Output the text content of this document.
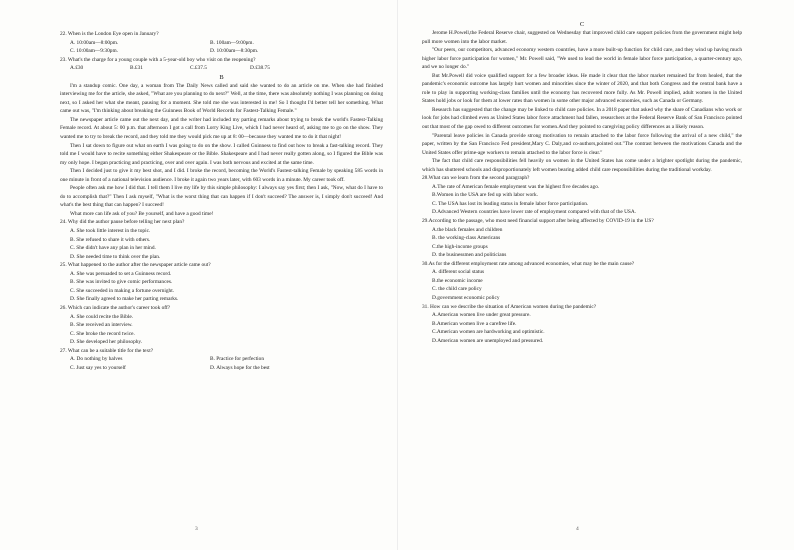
22. When is the London Eye open in January?

A. 10:00am—8:00pm.	B. 100am—9:00pm.
C. 10:00am—9:30pm.	D. 10:00am—8:30pm.

23. What's the charge for a young couple with a 5-year-old boy who visit on the reopening?

A.£30	B.£31	C.£37.5	D.£38.75

B

I'm a standup comic. One day, a woman from The Daily News called and said she wanted to do an article on me. When she had finished interviewing me for the article, she asked, "What are you planning to do next?" Well, at the time, there was absolutely nothing I was planning on doing next, so I asked her what she meant, pausing for a moment. She told me she was interested in me! So I thought I'd better tell her something. What came out was, "I'm thinking about breaking the Guinness Book of World Records for Fastest-Talking Female."

The newspaper article came out the next day, and the writer had included my parting remarks about trying to break the world's Fastest-Talking Female record. At about 5: 00 p.m. that afternoon I got a call from Lorry King Live, which I had never heard of, asking me to go on the show. They wanted me to try to break the record, and they told me they would pick me up at 8: 00—because they wanted me to do it that night!

Then I sat down to figure out what on earth I was going to do on the show. I called Guinness to find out how to break a fast-talking record. They told me I would have to recite something either Shakespeare or the Bible. Shakespeare and I had never really gotten along, so I figured the Bible was my only hope. I began practicing and practicing, over and over again. I was both nervous and excited at the same time.

Then I decided just to give it my best shot, and I did. I broke the record, becoming the World's Fastest-talking Female by speaking 585 words in one minute in front of a national television audience. I broke it again two years later, with 603 words in a minute. My career took off.

People often ask me how I did that. I tell them I live my life by this simple philosophy: I always say yes first; then I ask, "Now, what do I have to do to accomplish that?" Then I ask myself, "What is the worst thing that can happen if I don't succeed? The answer is, I simply don't succeed! And what's the best thing that can happen? I succeed!

What more can life ask of you? Be yourself, and have a good time!

24. Why did the author pause before telling her next plan?

A. She took little interest in the topic.

B. She refused to share it with others.

C. She didn't have any plan in her mind.

D. She needed time to think over the plan.

25. What happened to the author after the newspaper article came out?

A. She was persuaded to set a Guinness record.

B. She was invited to give comic performances.

C. She succeeded in making a fortune overnight.

D. She finally agreed to make her parting remarks.

26. Which can indicate the author's career took off?

A. She could recite the Bible.

B. She received an interview.

C. She broke the record twice.

D. She developed her philosophy.

27. What can be a suitable title for the text?

A. Do nothing by halves	B. Practice for perfection
C. Just say yes to yourself	D. Always hope for the best
3

C

Jerome H.Powell,the Federal Reserve chair, suggested on Wednesday that improved child care support policies from the government might help pull more women into the labor market.

"Our peers, our competitors, advanced economy western countries, have a more built-up function for child care, and they wind up having much higher labor force participation for women," Mr. Powell said, "We used to lead the world in female labor force participation, a quarter-century ago, and we no longer do."

But Mr.Powell did voice qualified support for a few broader ideas. He made it clear that the labor market remained far from healed, that the pandemic's economic outcome has largely hurt women and minorities since the winter of 2020, and that both Congress and the central bank have a role to play in supporting working-class families until the economy has recovered more fully. As Mr. Powell implied, adult women in the United States hold jobs or look for them at lower rates than women in some other major advanced economies, such as Canada or Germany.

Research has suggested that the change may be linked to child care policies. In a 2018 paper that asked why the share of Canadians who work or look for jobs had climbed even as United States labor force attachment had fallen, researchers at the Federal Reserve Bank of San Francisco pointed out that most of the gap owed to different outcomes for women.And they pointed to caregiving policy differences as a likely reason.

"Parental leave policies in Canada provide strong motivation to remain attached to the labor force following the arrival of a new child," the paper, written by the San Francisco Fed president,Mary C. Daly,and co-authors,pointed out."The contrast between the motivations Canada and the United States offer prime-age workers to remain attached to the labor force is clear."

The fact that child care responsibilities fell heavily on women in the United States has come under a brighter spotlight during the pandemic, which has shuttered schools and disproportionately left women bearing added child care responsibilities during the traditional workday.

28.What can we learn from the second paragraph?

A.The rate of American female employment was the highest five decades ago.

B.Women in the USA are fed up with labor work.

C. The USA has lost its leading status in female labor force participation.

D.Advanced Western countries have lower rate of employment compared with that of the USA.

29.According to the passage, who most need financial support after being affected by COVID-19 in the US?

A.the black females and children

B. the working-class Americans

C.the high-income groups

D. the businessmen and politicians

30.As for the different employment rate among advanced economies, what may be the main cause?

A. different social status

B.the economic income

C. the child care policy

D.government economic policy

31. How can we describe the situation of American women during the pandemic?

A.American women live under great pressure.

B.American women live a carefree life.

C.American women are hardworking and optimistic.

D.American women are unemployed and pressured.

4
